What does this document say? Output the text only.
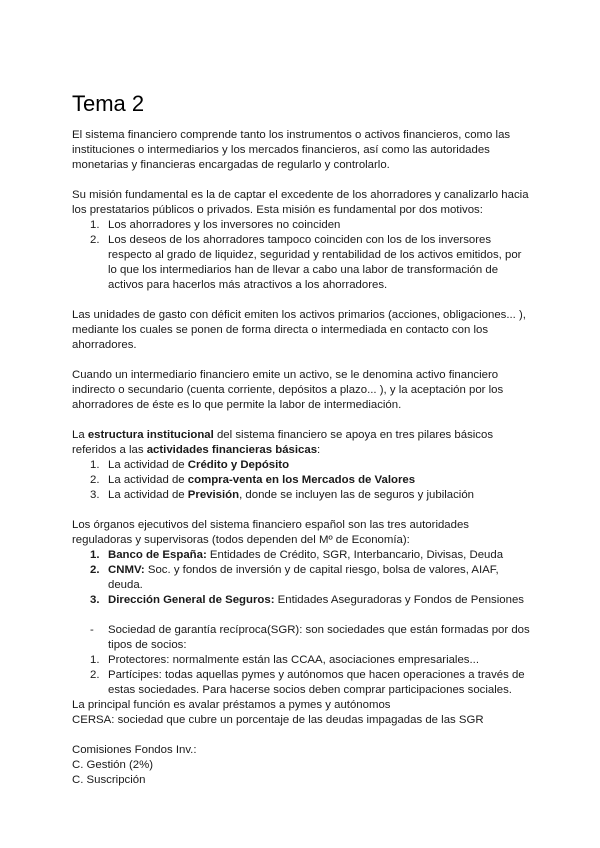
Tema 2

El sistema financiero comprende tanto los instrumentos o activos financieros, como las instituciones o intermediarios y los mercados financieros, así como las autoridades monetarias y financieras encargadas de regularlo y controlarlo.

Su misión fundamental es la de captar el excedente de los ahorradores y canalizarlo hacia los prestatarios públicos o privados. Esta misión es fundamental por dos motivos:

1. Los ahorradores y los inversores no coinciden
2. Los deseos de los ahorradores tampoco coinciden con los de los inversores respecto al grado de liquidez, seguridad y rentabilidad de los activos emitidos, por lo que los intermediarios han de llevar a cabo una labor de transformación de activos para hacerlos más atractivos a los ahorradores.

Las unidades de gasto con déficit emiten los activos primarios (acciones, obligaciones... ), mediante los cuales se ponen de forma directa o intermediada en contacto con los ahorradores.

Cuando un intermediario financiero emite un activo, se le denomina activo financiero indirecto o secundario (cuenta corriente, depósitos a plazo... ), y la aceptación por los ahorradores de éste es lo que permite la labor de intermediación.

La estructura institucional del sistema financiero se apoya en tres pilares básicos referidos a las actividades financieras básicas:

1. La actividad de Crédito y Depósito
2. La actividad de compra-venta en los Mercados de Valores
3. La actividad de Previsión, donde se incluyen las de seguros y jubilación

Los órganos ejecutivos del sistema financiero español son las tres autoridades reguladoras y supervisoras (todos dependen del Mº de Economía):

1. Banco de España: Entidades de Crédito, SGR, Interbancario, Divisas, Deuda
2. CNMV: Soc. y fondos de inversión y de capital riesgo, bolsa de valores, AIAF, deuda.
3. Dirección General de Seguros: Entidades Aseguradoras y Fondos de Pensiones
- Sociedad de garantía recíproca(SGR): son sociedades que están formadas por dos tipos de socios:
1. Protectores: normalmente están las CCAA, asociaciones empresariales...
2. Partícipes: todas aquellas pymes y autónomos que hacen operaciones a través de estas sociedades. Para hacerse socios deben comprar participaciones sociales.

La principal función es avalar préstamos a pymes y autónomos

CERSA: sociedad que cubre un porcentaje de las deudas impagadas de las SGR

Comisiones Fondos Inv.:

C. Gestión (2%)

C. Suscripción
